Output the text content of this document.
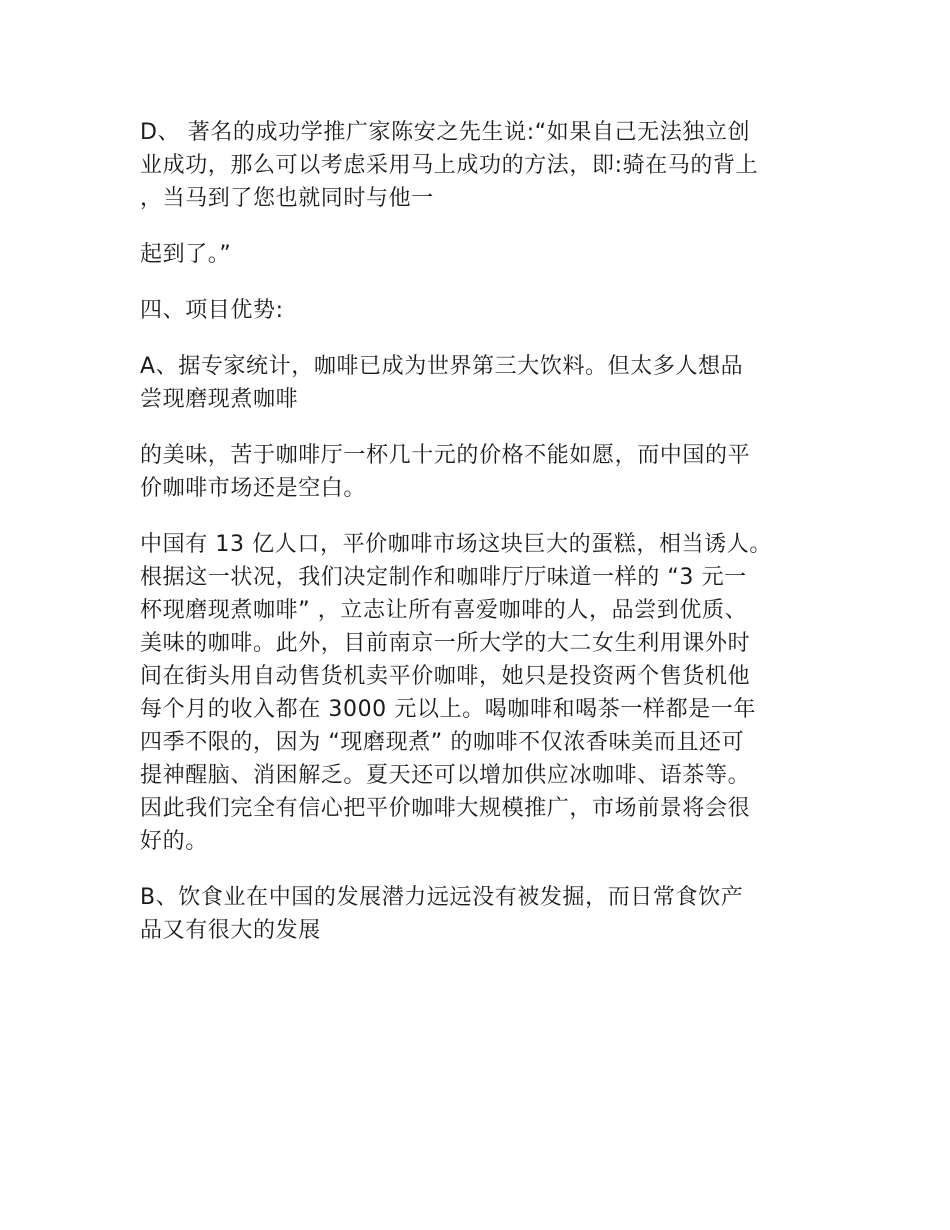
D、 著名的成功学推广家陈安之先生说:“如果自己无法独立创
业成功，那么可以考虑采用马上成功的方法，即:骑在马的背上
，当马到了您也就同时与他一

起到了。”

四、项目优势:

A、据专家统计，咖啡已成为世界第三大饮料。但太多人想品
尝现磨现煮咖啡

的美味，苦于咖啡厅一杯几十元的价格不能如愿，而中国的平
价咖啡市场还是空白。

中国有 13 亿人口，平价咖啡市场这块巨大的蛋糕，相当诱人。
根据这一状况，我们决定制作和咖啡厅厅味道一样的 “3 元一
杯现磨现煮咖啡” ，立志让所有喜爱咖啡的人，品尝到优质、
美味的咖啡。此外，目前南京一所大学的大二女生利用课外时
间在街头用自动售货机卖平价咖啡，她只是投资两个售货机他
每个月的收入都在 3000 元以上。喝咖啡和喝茶一样都是一年
四季不限的，因为 “现磨现煮” 的咖啡不仅浓香味美而且还可
提神醒脑、消困解乏。夏天还可以增加供应冰咖啡、语茶等。
因此我们完全有信心把平价咖啡大规模推广，市场前景将会很
好的。

B、饮食业在中国的发展潜力远远没有被发掘，而日常食饮产
品又有很大的发展
